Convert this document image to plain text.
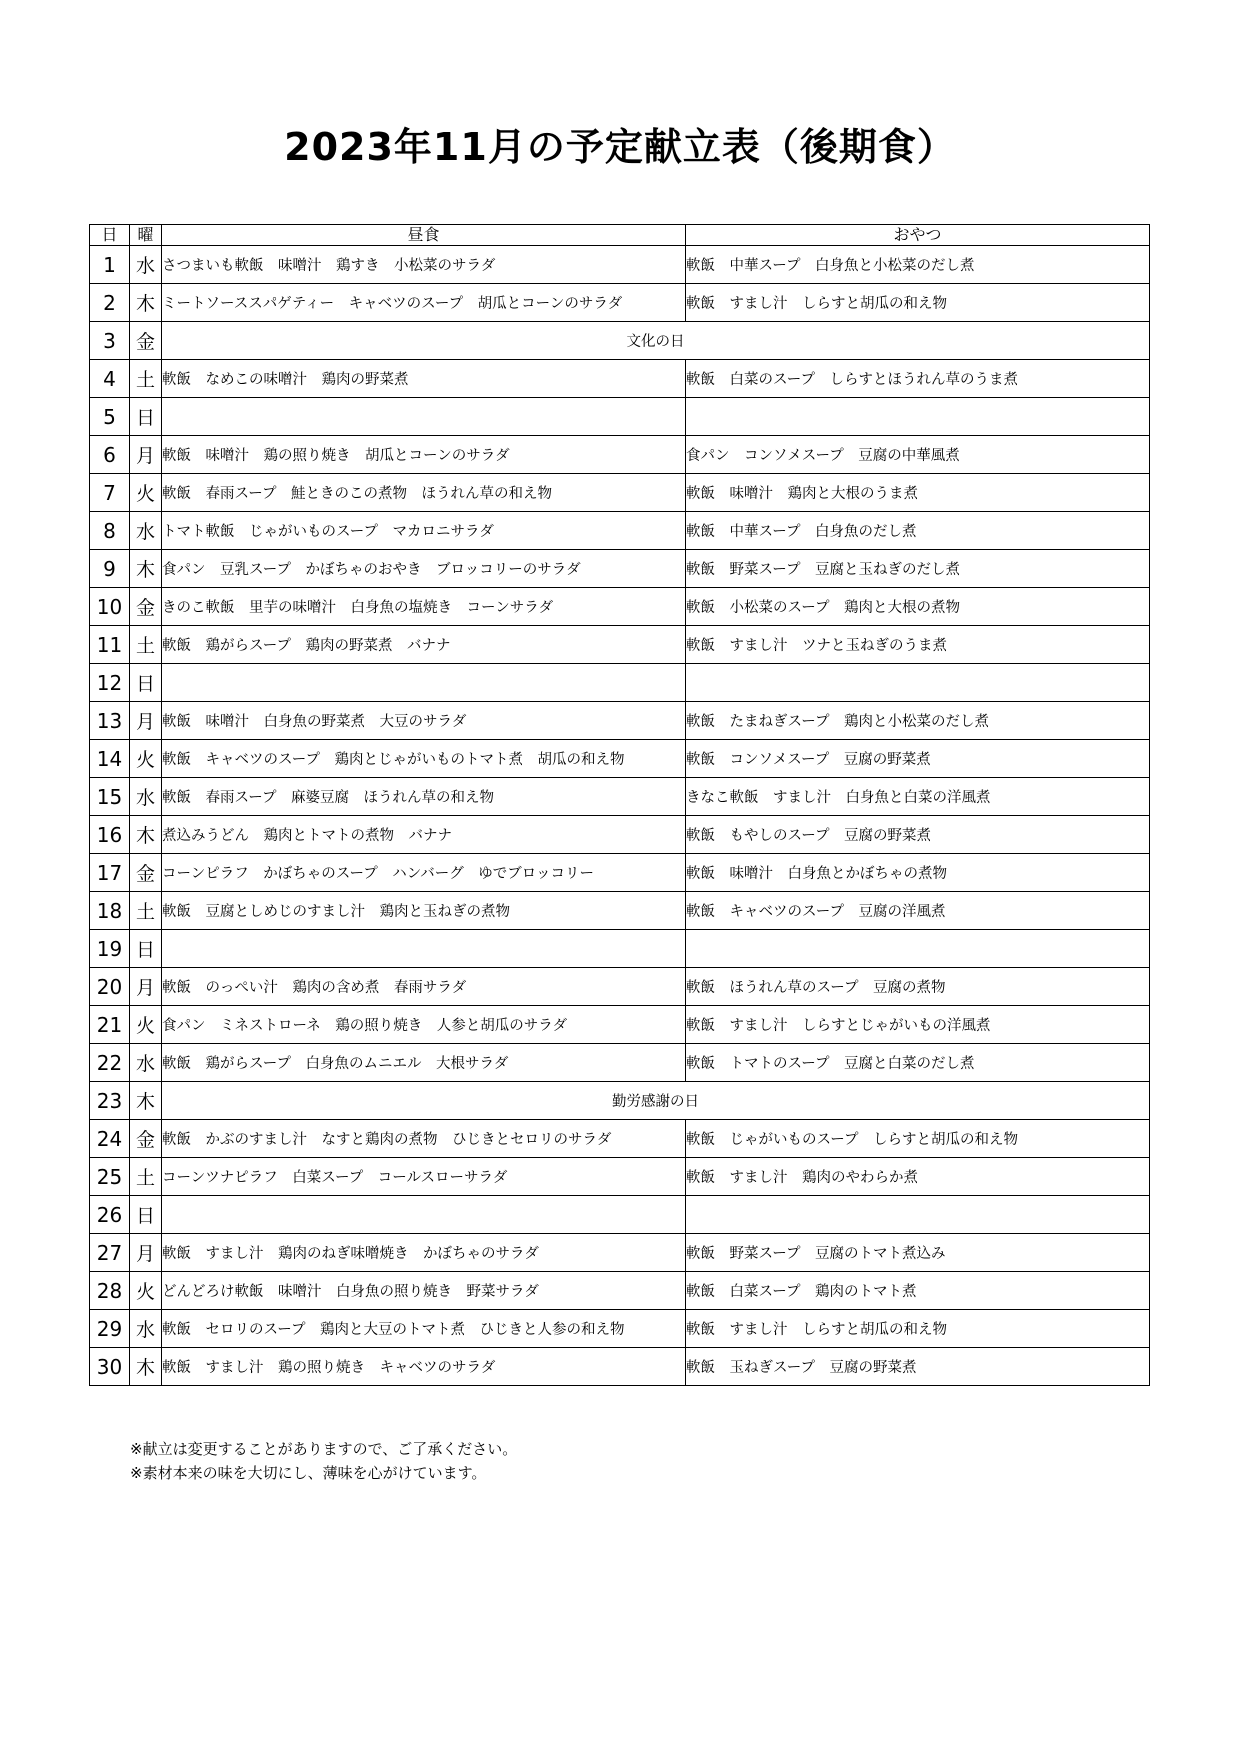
2023年11月の予定献立表（後期食）
日	曜	昼食	おやつ
1	水	さつまいも軟飯　味噌汁　鶏すき　小松菜のサラダ	軟飯　中華スープ　白身魚と小松菜のだし煮
2	木	ミートソーススパゲティー　キャベツのスープ　胡瓜とコーンのサラダ	軟飯　すまし汁　しらすと胡瓜の和え物
3	金	文化の日	
4	土	軟飯　なめこの味噌汁　鶏肉の野菜煮	軟飯　白菜のスープ　しらすとほうれん草のうま煮
5	日		
6	月	軟飯　味噌汁　鶏の照り焼き　胡瓜とコーンのサラダ	食パン　コンソメスープ　豆腐の中華風煮
7	火	軟飯　春雨スープ　鮭ときのこの煮物　ほうれん草の和え物	軟飯　味噌汁　鶏肉と大根のうま煮
8	水	トマト軟飯　じゃがいものスープ　マカロニサラダ	軟飯　中華スープ　白身魚のだし煮
9	木	食パン　豆乳スープ　かぼちゃのおやき　ブロッコリーのサラダ	軟飯　野菜スープ　豆腐と玉ねぎのだし煮
10	金	きのこ軟飯　里芋の味噌汁　白身魚の塩焼き　コーンサラダ	軟飯　小松菜のスープ　鶏肉と大根の煮物
11	土	軟飯　鶏がらスープ　鶏肉の野菜煮　バナナ	軟飯　すまし汁　ツナと玉ねぎのうま煮
12	日		
13	月	軟飯　味噌汁　白身魚の野菜煮　大豆のサラダ	軟飯　たまねぎスープ　鶏肉と小松菜のだし煮
14	火	軟飯　キャベツのスープ　鶏肉とじゃがいものトマト煮　胡瓜の和え物	軟飯　コンソメスープ　豆腐の野菜煮
15	水	軟飯　春雨スープ　麻婆豆腐　ほうれん草の和え物	きなこ軟飯　すまし汁　白身魚と白菜の洋風煮
16	木	煮込みうどん　鶏肉とトマトの煮物　バナナ	軟飯　もやしのスープ　豆腐の野菜煮
17	金	コーンピラフ　かぼちゃのスープ　ハンバーグ　ゆでブロッコリー	軟飯　味噌汁　白身魚とかぼちゃの煮物
18	土	軟飯　豆腐としめじのすまし汁　鶏肉と玉ねぎの煮物	軟飯　キャベツのスープ　豆腐の洋風煮
19	日		
20	月	軟飯　のっぺい汁　鶏肉の含め煮　春雨サラダ	軟飯　ほうれん草のスープ　豆腐の煮物
21	火	食パン　ミネストローネ　鶏の照り焼き　人参と胡瓜のサラダ	軟飯　すまし汁　しらすとじゃがいもの洋風煮
22	水	軟飯　鶏がらスープ　白身魚のムニエル　大根サラダ	軟飯　トマトのスープ　豆腐と白菜のだし煮
23	木	勤労感謝の日	
24	金	軟飯　かぶのすまし汁　なすと鶏肉の煮物　ひじきとセロリのサラダ	軟飯　じゃがいものスープ　しらすと胡瓜の和え物
25	土	コーンツナピラフ　白菜スープ　コールスローサラダ	軟飯　すまし汁　鶏肉のやわらか煮
26	日		
27	月	軟飯　すまし汁　鶏肉のねぎ味噌焼き　かぼちゃのサラダ	軟飯　野菜スープ　豆腐のトマト煮込み
28	火	どんどろけ軟飯　味噌汁　白身魚の照り焼き　野菜サラダ	軟飯　白菜スープ　鶏肉のトマト煮
29	水	軟飯　セロリのスープ　鶏肉と大豆のトマト煮　ひじきと人参の和え物	軟飯　すまし汁　しらすと胡瓜の和え物
30	木	軟飯　すまし汁　鶏の照り焼き　キャベツのサラダ	軟飯　玉ねぎスープ　豆腐の野菜煮
※献立は変更することがありますので、ご了承ください。
※素材本来の味を大切にし、薄味を心がけています。
